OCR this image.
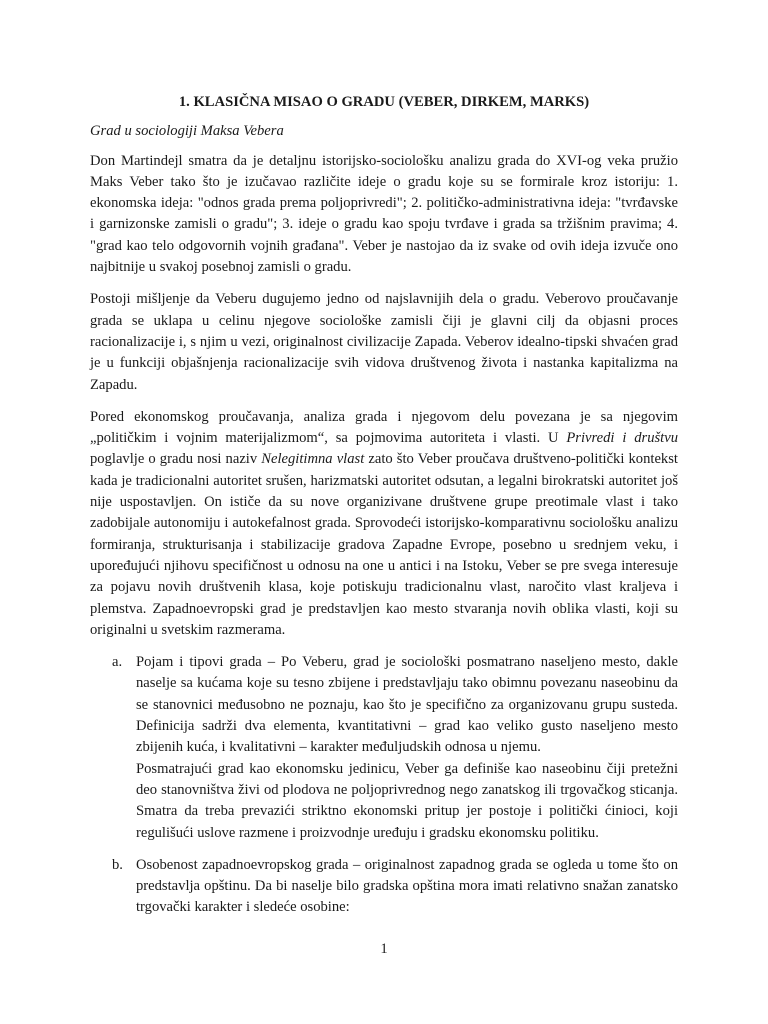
1. KLASIČNA MISAO O GRADU (VEBER, DIRKEM, MARKS)
Grad u sociologiji Maksa Vebera

Don Martindejl smatra da je detaljnu istorijsko-sociološku analizu grada do XVI-og veka pružio Maks Veber tako što je izučavao različite ideje o gradu koje su se formirale kroz istoriju: 1. ekonomska ideja: "odnos grada prema poljoprivredi"; 2. političko-administrativna ideja: "tvrđavske i garnizonske zamisli o gradu"; 3. ideje o gradu kao spoju tvrđave i grada sa tržišnim pravima; 4. "grad kao telo odgovornih vojnih građana". Veber je nastojao da iz svake od ovih ideja izvuče ono najbitnije u svakoj posebnoj zamisli o gradu.

Postoji mišljenje da Veberu dugujemo jedno od najslavnijih dela o gradu. Veberovo proučavanje grada se uklapa u celinu njegove sociološke zamisli čiji je glavni cilj da objasni proces racionalizacije i, s njim u vezi, originalnost civilizacije Zapada. Veberov idealno-tipski shvaćen grad je u funkciji objašnjenja racionalizacije svih vidova društvenog života i nastanka kapitalizma na Zapadu.

Pored ekonomskog proučavanja, analiza grada i njegovom delu povezana je sa njegovim „političkim i vojnim materijalizmom“, sa pojmovima autoriteta i vlasti. U Privredi i društvu poglavlje o gradu nosi naziv Nelegitimna vlast zato što Veber proučava društveno-politički kontekst kada je tradicionalni autoritet srušen, harizmatski autoritet odsutan, a legalni birokratski autoritet još nije uspostavljen. On ističe da su nove organizivane društvene grupe preotimale vlast i tako zadobijale autonomiju i autokefalnost grada. Sprovodeći istorijsko-komparativnu sociološku analizu formiranja, strukturisanja i stabilizacije gradova Zapadne Evrope, posebno u srednjem veku, i upoređujući njihovu specifičnost u odnosu na one u antici i na Istoku, Veber se pre svega interesuje za pojavu novih društvenih klasa, koje potiskuju tradicionalnu vlast, naročito vlast kraljeva i plemstva. Zapadnoevropski grad je predstavljen kao mesto stvaranja novih oblika vlasti, koji su originalni u svetskim razmerama.

a. Pojam i tipovi grada – Po Veberu, grad je sociološki posmatrano naseljeno mesto, dakle naselje sa kućama koje su tesno zbijene i predstavljaju tako obimnu povezanu naseobinu da se stanovnici međusobno ne poznaju, kao što je specifično za organizovanu grupu susteda. Definicija sadrži dva elementa, kvantitativni – grad kao veliko gusto naseljeno mesto zbijenih kuća, i kvalitativni – karakter međuljudskih odnosa u njemu.

Posmatrajući grad kao ekonomsku jedinicu, Veber ga definiše kao naseobinu čiji pretežni deo stanovništva živi od plodova ne poljoprivrednog nego zanatskog ili trgovačkog sticanja. Smatra da treba prevazići striktno ekonomski pritup jer postoje i politički ćinioci, koji regulišući uslove razmene i proizvodnje uređuju i gradsku ekonomsku politiku.

b. Osobenost zapadnoevropskog grada – originalnost zapadnog grada se ogleda u tome što on predstavlja opštinu. Da bi naselje bilo gradska opština mora imati relativno snažan zanatsko trgovački karakter i sledeće osobine:

1
